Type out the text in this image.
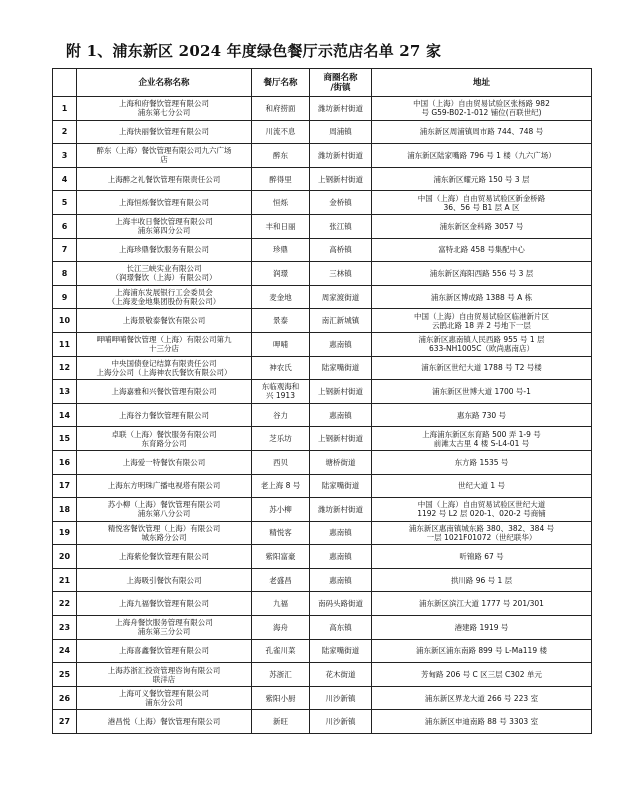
附 1、浦东新区 2024 年度绿色餐厅示范店名单 27 家
	企业名称名称	餐厅名称	商圈名称
/街镇	地址
1	上海和府餐饮管理有限公司
浦东第七分公司	和府捞面	潍坊新村街道	中国（上海）自由贸易试验区张杨路 982
号 G59-B02-1-012 铺位(百联世纪)

2	上海快丽餐饮管理有限公司	川流不息	周浦镇	浦东新区周浦镇周市路 744、748 号

3	醉东（上海）餐饮管理有限公司九六广场
店	醉东	潍坊新村街道	浦东新区陆家嘴路 796 号 1 楼（九六广场）

4	上海醉之礼餐饮管理有限责任公司	醉得里	上钢新村街道	浦东新区耀元路 150 号 3 层

5	上海恒烁餐饮管理有限公司	恒烁	金桥镇	中国（上海）自由贸易试验区新金桥路
36、56 号 B1 层 A 区

6	上海丰收日餐饮管理有限公司
浦东第四分公司	丰和日丽	张江镇	浦东新区金科路 3057 号

7	上海珍鼎餐饮服务有限公司	珍鼎	高桥镇	富特北路 458 号集配中心

8	长江三峡实业有限公司
（润璟餐饮（上海）有限公司）	润璟	三林镇	浦东新区海阳西路 556 号 3 层

9	上海浦东发展银行工会委员会
（上海麦金地集团股份有限公司）	麦金地	周家渡街道	浦东新区博成路 1388 号 A 栋

10	上海景敬泰餐饮有限公司	景泰	南汇新城镇	中国（上海）自由贸易试验区临港新片区
云鹃北路 18 弄 2 号地下一层

11	呷哺呷哺餐饮管理（上海）有限公司第九
十三分店	呷哺	惠南镇	浦东新区惠南镇人民西路 955 号 1 层
633-NH1005C（欧尚惠南店）

12	中央国债登记结算有限责任公司
上海分公司（上海神农氏餐饮有限公司）	神农氏	陆家嘴街道	浦东新区世纪大道 1788 号 T2 号楼

13	上海嘉雅和兴餐饮管理有限公司	东临观海和
兴 1913	上钢新村街道	浦东新区世博大道 1700 号-1

14	上海谷力餐饮管理有限公司	谷力	惠南镇	惠东路 730 号

15	卓联（上海）餐饮服务有限公司
东育路分公司	芝乐坊	上钢新村街道	上海浦东新区东育路 500 弄 1-9 号
前滩太古里 4 楼 S-L4-01 号

16	上海爱一特餐饮有限公司	西贝	塘桥街道	东方路 1535 号

17	上海东方明珠广播电视塔有限公司	老上海 8 号	陆家嘴街道	世纪大道 1 号

18	苏小柳（上海）餐饮管理有限公司
浦东第八分公司	苏小柳	潍坊新村街道	中国（上海）自由贸易试验区世纪大道
1192 号 L2 层 020-1、020-2 号商铺

19	精悦客餐饮管理（上海）有限公司
城东路分公司	精悦客	惠南镇	浦东新区惠南镇城东路 380、382、384 号
一层 1021F01072（世纪联华）

20	上海紫伦餐饮管理有限公司	紫阳富豪	惠南镇	听锦路 67 号

21	上海吸引餐饮有限公司	老盛昌	惠南镇	拱川路 96 号 1 层

22	上海九福餐饮管理有限公司	九福	南码头路街道	浦东新区滨江大道 1777 号 201/301

23	上海舟餐饮服务管理有限公司
浦东第三分公司	海舟	高东镇	港建路 1919 号

24	上海喜鑫餐饮管理有限公司	孔雀川菜	陆家嘴街道	浦东新区浦东南路 899 号 L-Ma119 楼

25	上海苏浙汇投资管理咨询有限公司
联洋店	苏浙汇	花木街道	芳甸路 206 号 C 区三层 C302 单元

26	上海可义餐饮管理有限公司
浦东分公司	紫阳小厨	川沙新镇	浦东新区界龙大道 266 号 223 室

27	港昌悦（上海）餐饮管理有限公司	新旺	川沙新镇	浦东新区申迪南路 88 号 3303 室
